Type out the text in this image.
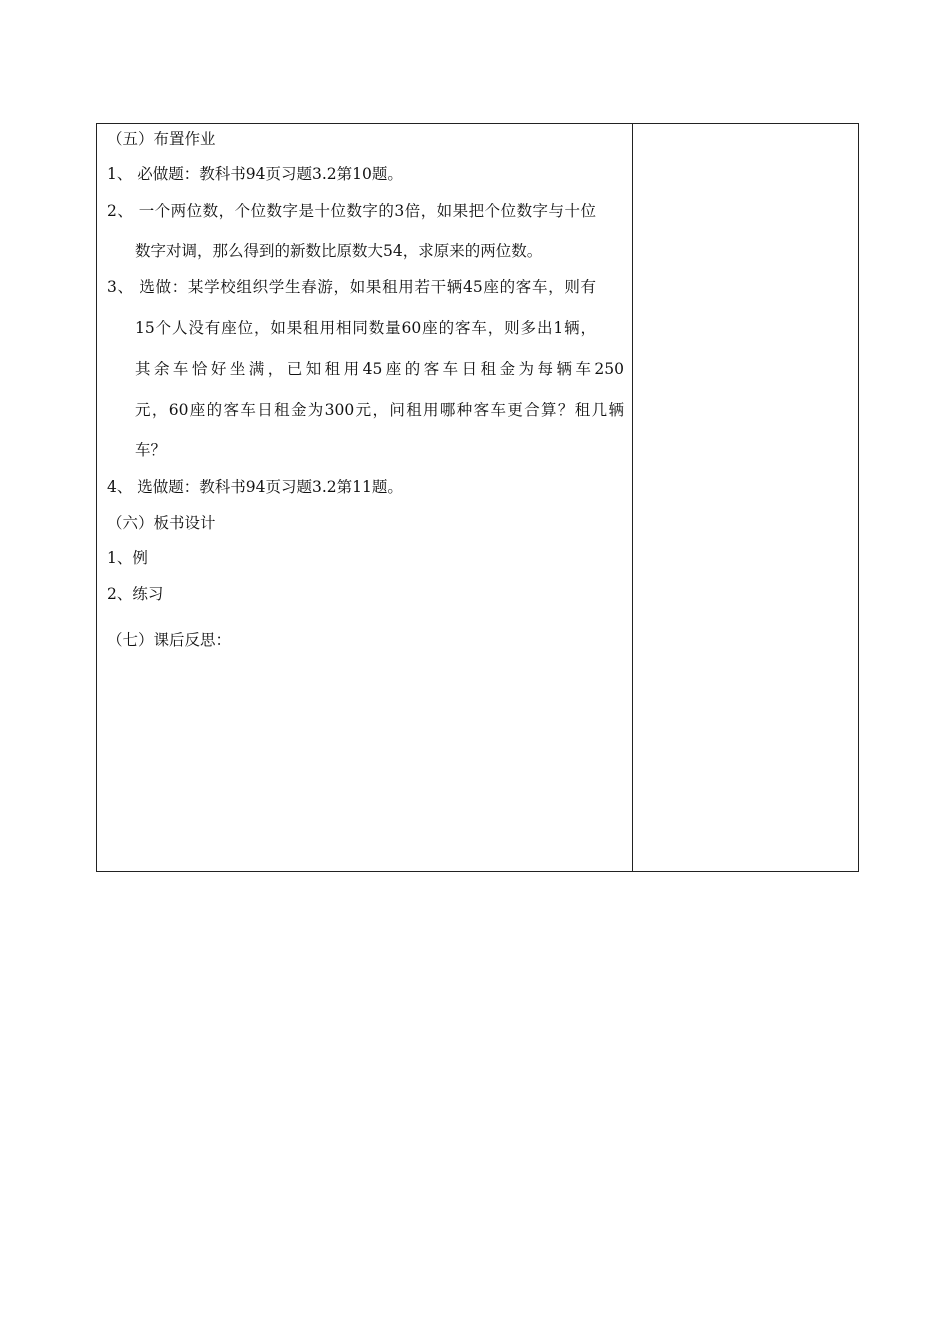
（五）布置作业
1、 必做题：教科书94页习题3.2第10题。
2、 一个两位数，个位数字是十位数字的3倍，如果把个位数字与十位
数字对调，那么得到的新数比原数大54，求原来的两位数。
3、 选做：某学校组织学生春游，如果租用若干辆45座的客车，则有
15个人没有座位，如果租用相同数量60座的客车，则多出1辆，
其余车恰好坐满，已知租用45座的客车日租金为每辆车250
元，60座的客车日租金为300元，问租用哪种客车更合算？租几辆
车？
4、 选做题：教科书94页习题3.2第11题。
（六）板书设计
1、例
2、练习
（七）课后反思：
